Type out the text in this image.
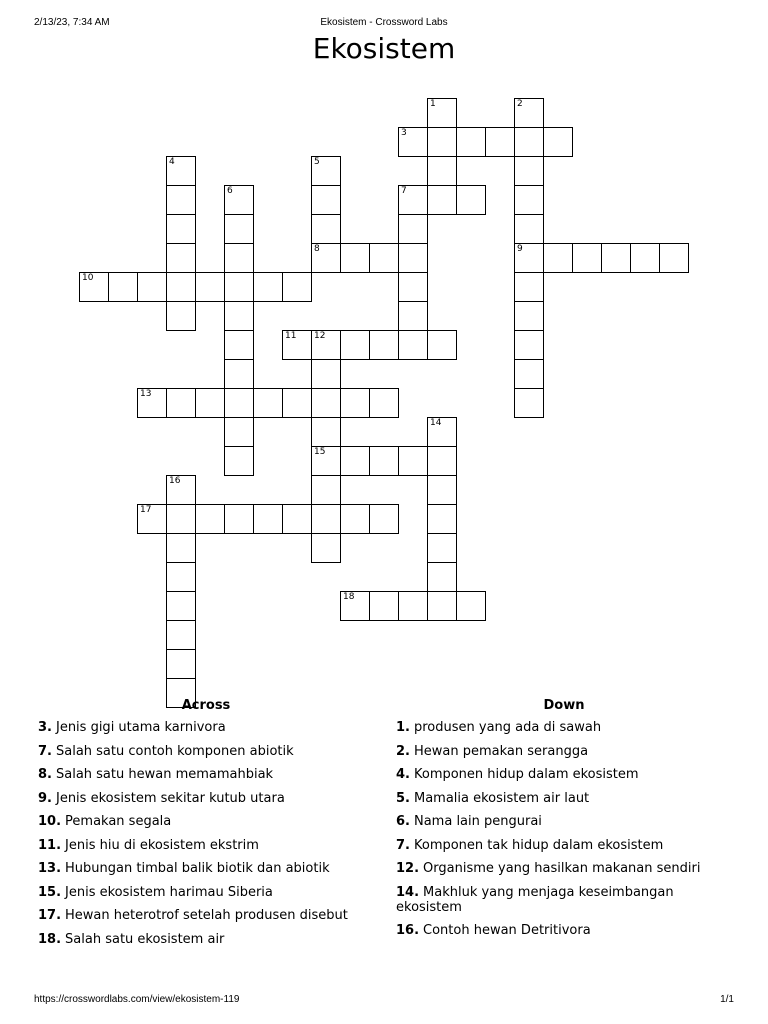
2/13/23, 7:34 AM	Ekosistem - Crossword Labs
Ekosistem
1	2
9
3
4	5
8
6	7
10
11 12
15
13
14
16
17
18
Across
3. Jenis gigi utama karnivora
7. Salah satu contoh komponen abiotik
8. Salah satu hewan memamahbiak
9. Jenis ekosistem sekitar kutub utara
10. Pemakan segala
11. Jenis hiu di ekosistem ekstrim
13. Hubungan timbal balik biotik dan abiotik
15. Jenis ekosistem harimau Siberia
17. Hewan heterotrof setelah produsen disebut
18. Salah satu ekosistem air
Down
1. produsen yang ada di sawah
2. Hewan pemakan serangga
4. Komponen hidup dalam ekosistem
5. Mamalia ekosistem air laut
6. Nama lain pengurai
7. Komponen tak hidup dalam ekosistem
12. Organisme yang hasilkan makanan sendiri
14. Makhluk yang menjaga keseimbangan ekosistem
16. Contoh hewan Detritivora
https://crosswordlabs.com/view/ekosistem-119	1/1
